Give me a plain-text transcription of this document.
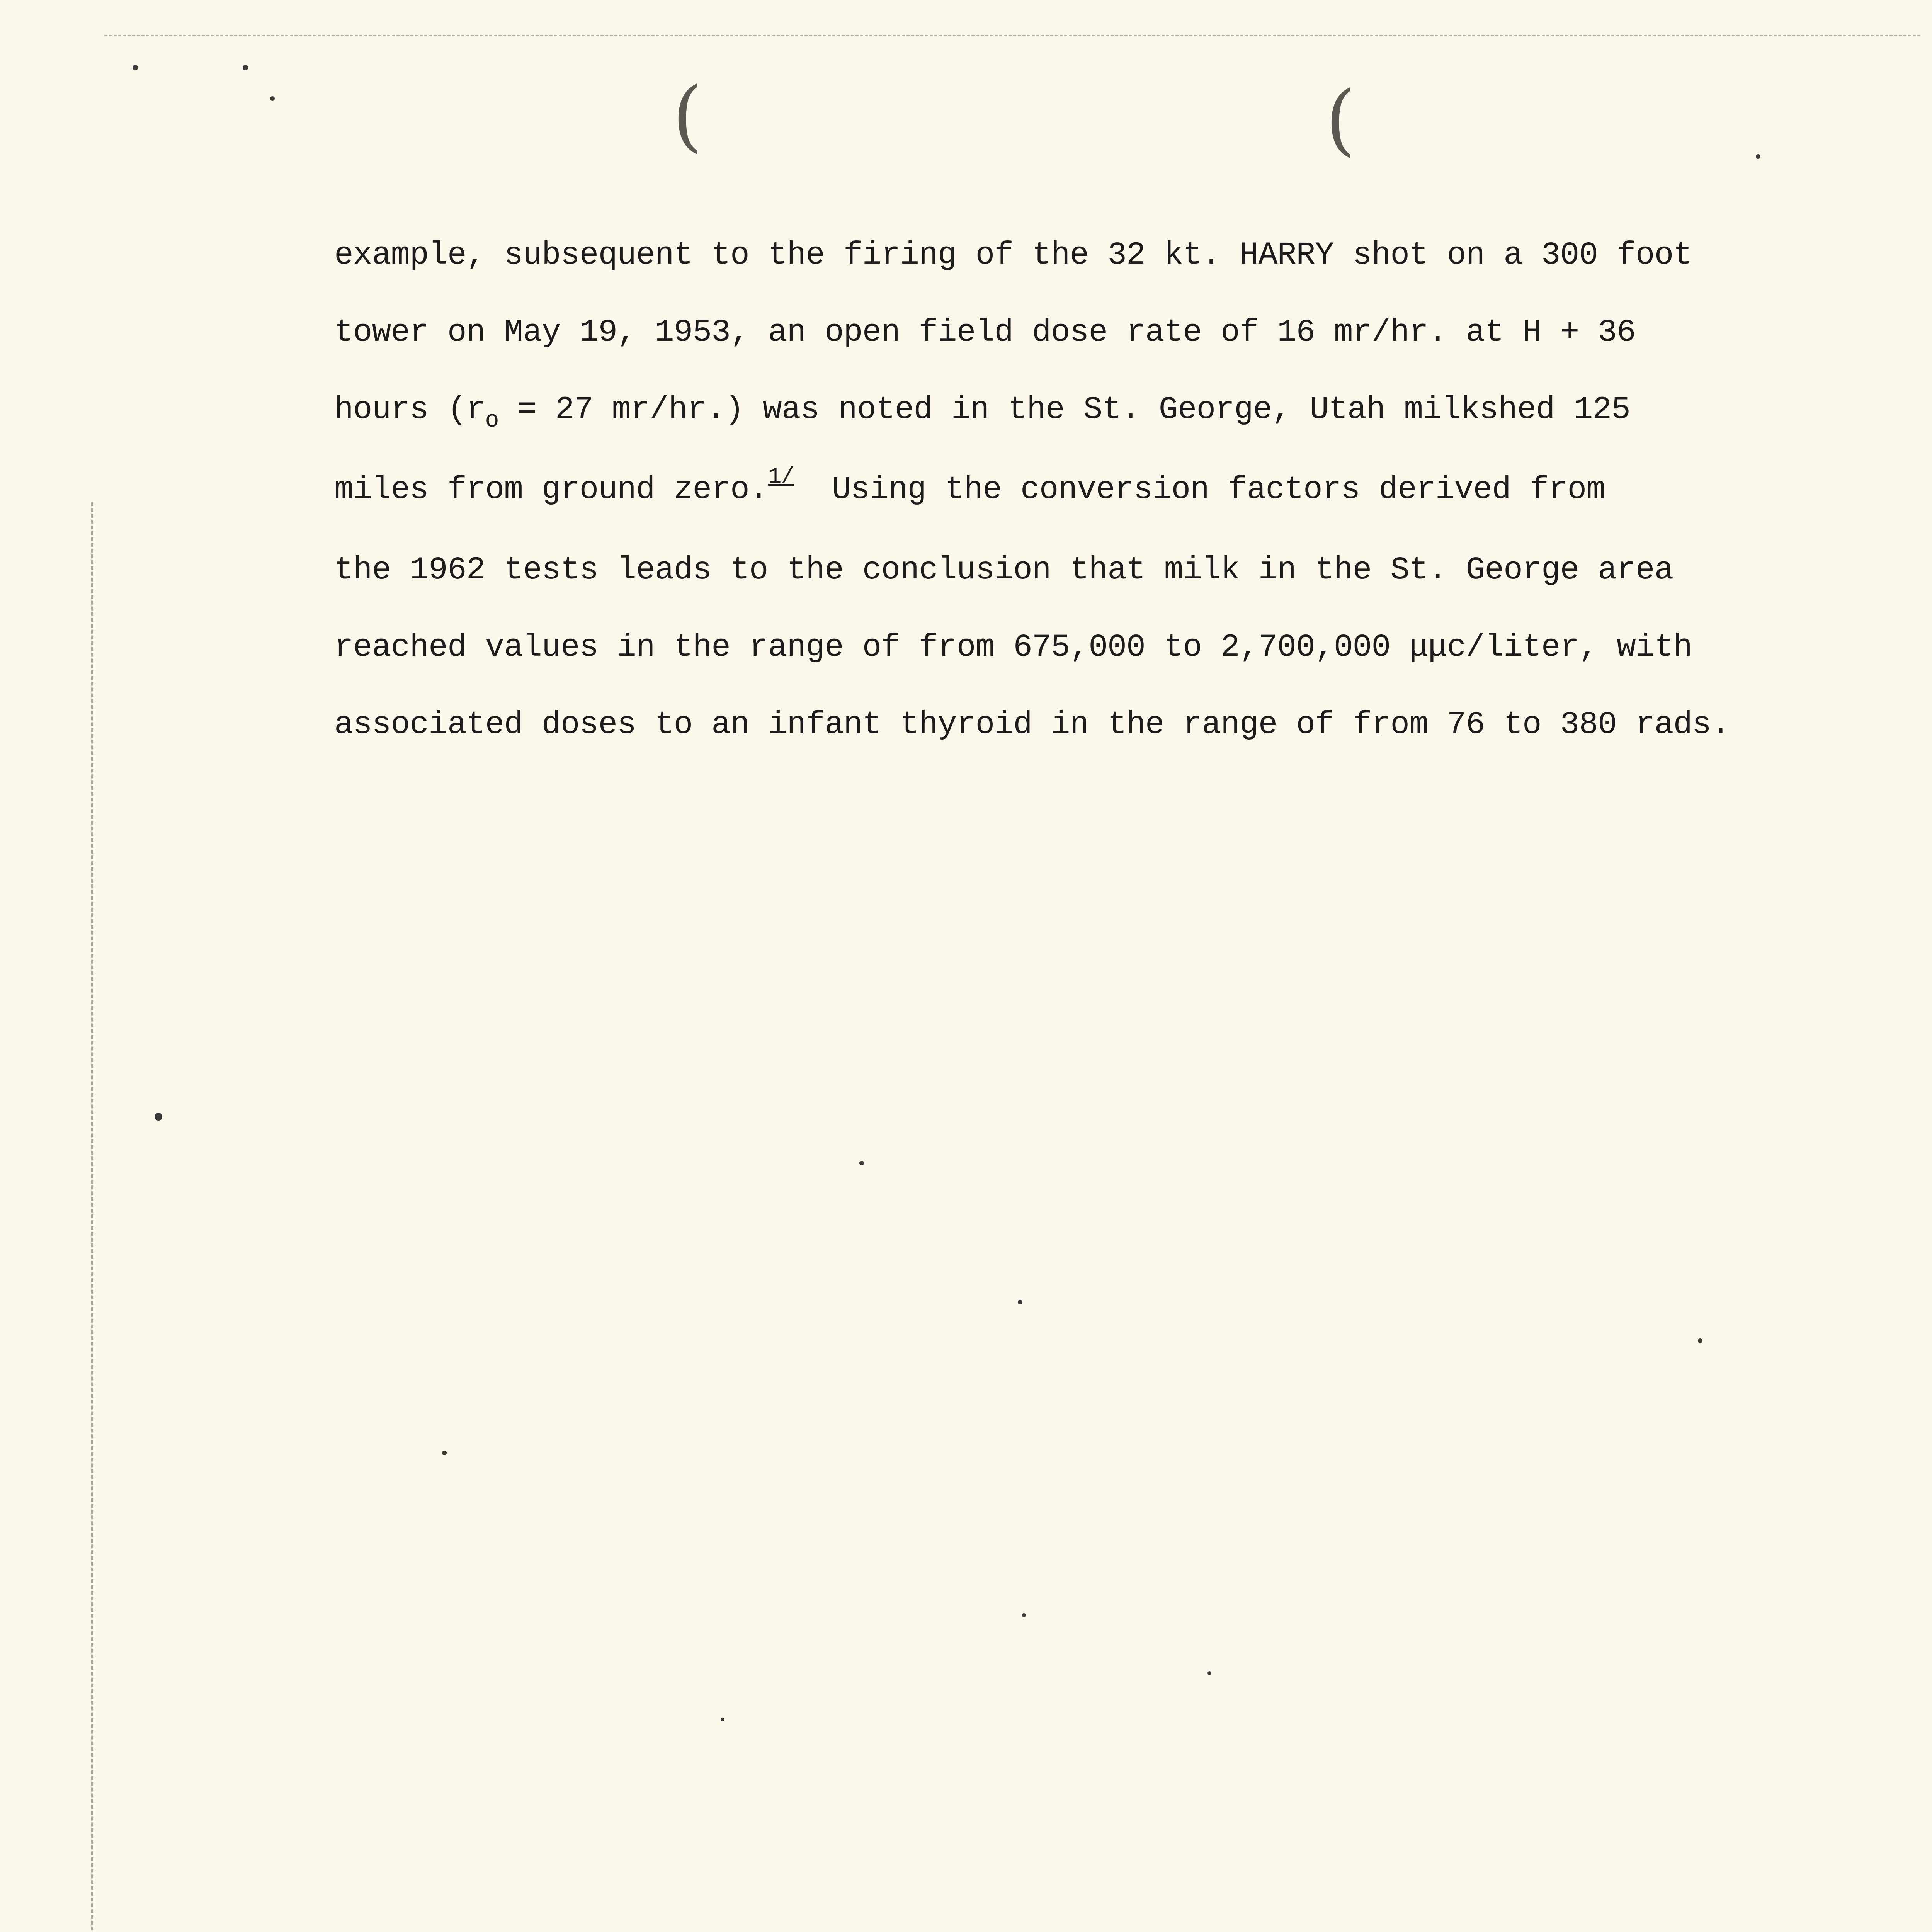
(	(
example, subsequent to the firing of the 32 kt. HARRY shot on a 300 foot
tower on May 19, 1953, an open field dose rate of 16 mr/hr. at H + 36
hours ($r_o = 27$ mr/hr.) was noted in the St. George, Utah milkshed 125
miles from ground zero.$^{1/}$  Using the conversion factors derived from
the 1962 tests leads to the conclusion that milk in the St. George area
reached values in the range of from 675,000 to 2,700,000 μμc/liter, with
associated doses to an infant thyroid in the range of from 76 to 380 rads.
